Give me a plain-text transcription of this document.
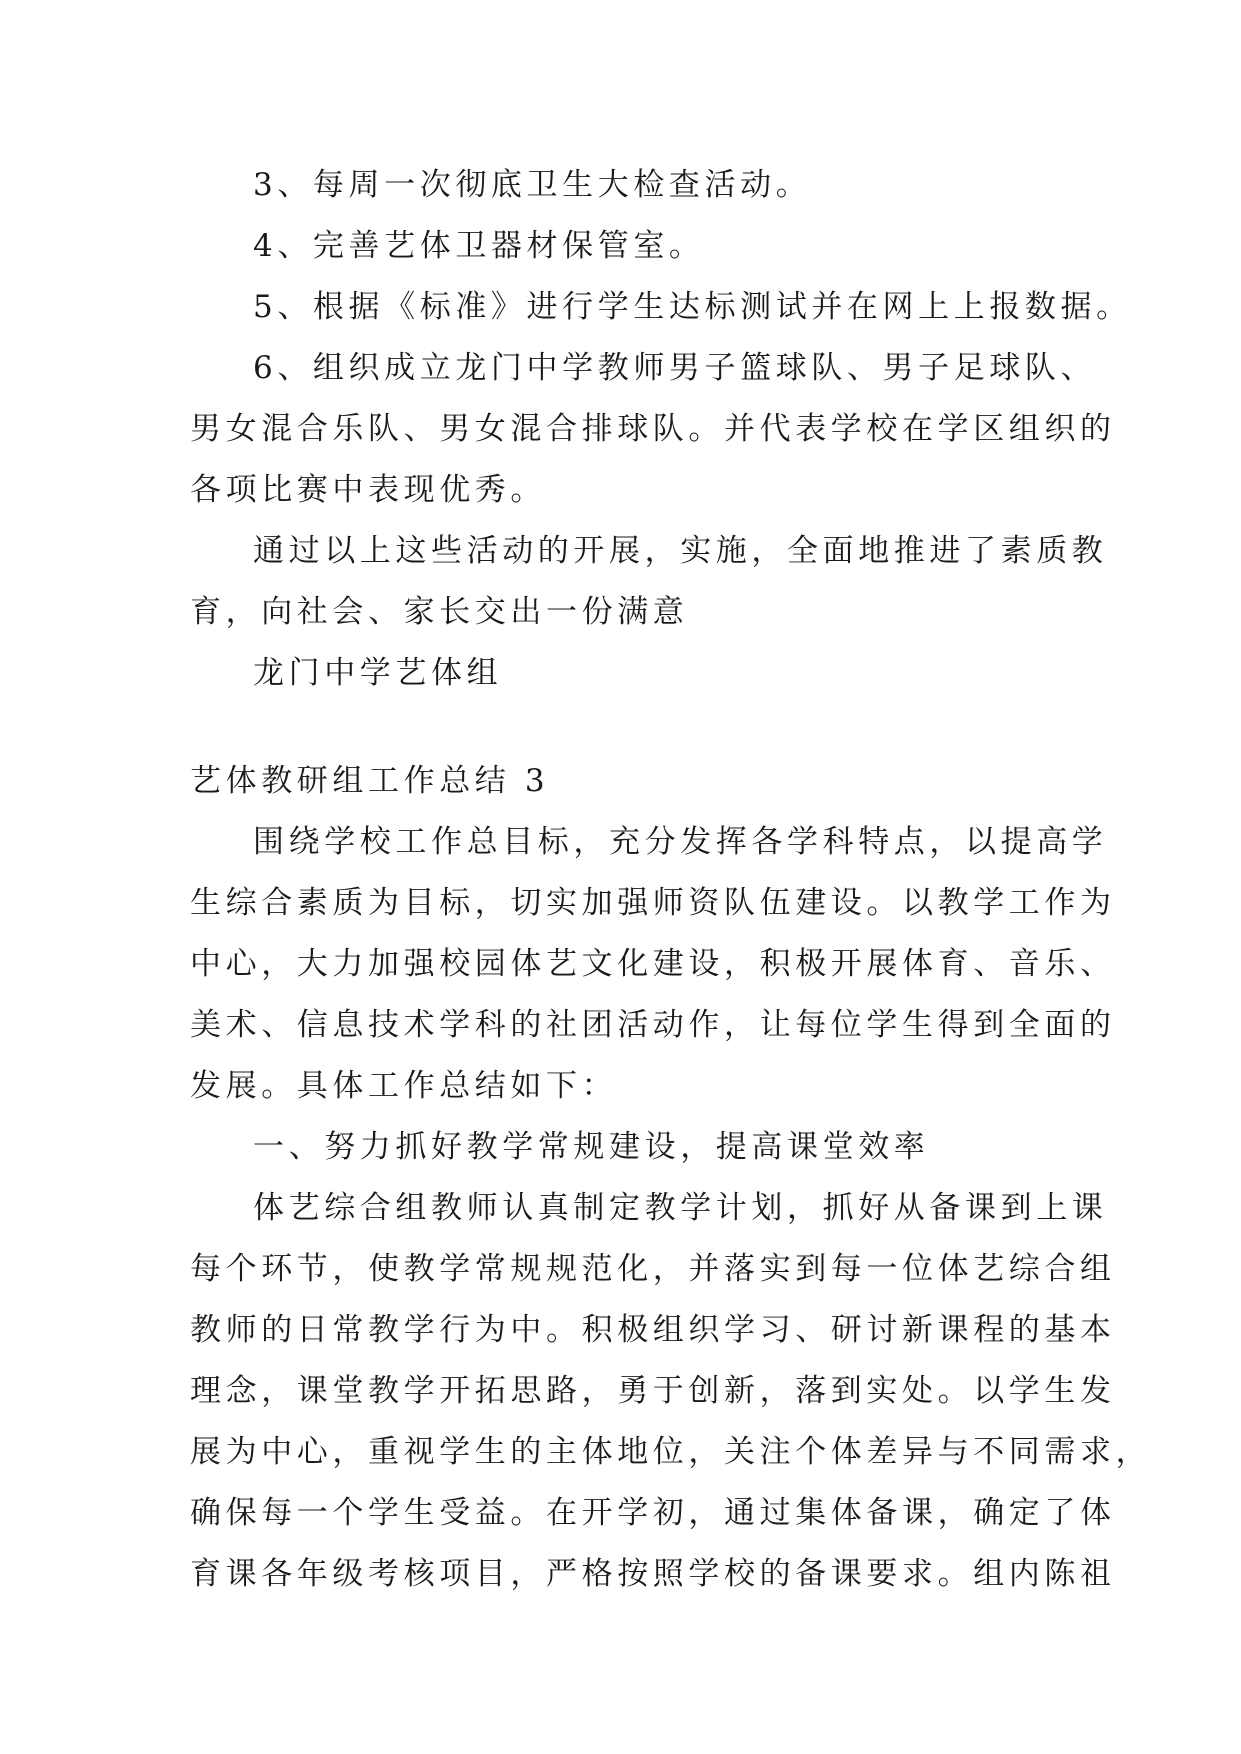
3、每周一次彻底卫生大检查活动。
4、完善艺体卫器材保管室。
5、根据《标准》进行学生达标测试并在网上上报数据。
6、组织成立龙门中学教师男子篮球队、男子足球队、
男女混合乐队、男女混合排球队。并代表学校在学区组织的
各项比赛中表现优秀。
通过以上这些活动的开展，实施，全面地推进了素质教
育，向社会、家长交出一份满意
龙门中学艺体组
艺体教研组工作总结 3
围绕学校工作总目标，充分发挥各学科特点，以提高学
生综合素质为目标，切实加强师资队伍建设。以教学工作为
中心，大力加强校园体艺文化建设，积极开展体育、音乐、
美术、信息技术学科的社团活动作，让每位学生得到全面的
发展。具体工作总结如下：
一、努力抓好教学常规建设，提高课堂效率
体艺综合组教师认真制定教学计划，抓好从备课到上课
每个环节，使教学常规规范化，并落实到每一位体艺综合组
教师的日常教学行为中。积极组织学习、研讨新课程的基本
理念，课堂教学开拓思路，勇于创新，落到实处。以学生发
展为中心，重视学生的主体地位，关注个体差异与不同需求，
确保每一个学生受益。在开学初，通过集体备课，确定了体
育课各年级考核项目，严格按照学校的备课要求。组内陈祖
